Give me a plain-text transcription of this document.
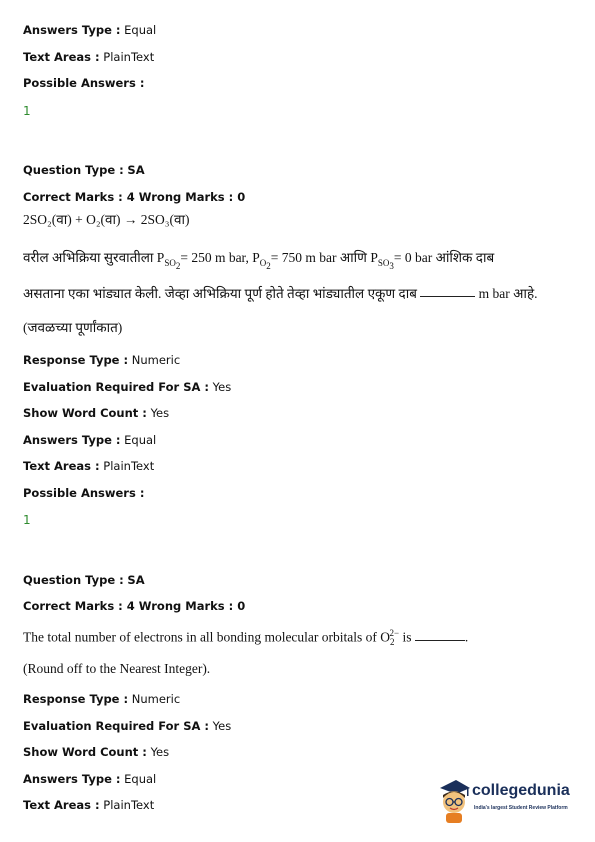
Answers Type : Equal
Text Areas : PlainText
Possible Answers :
1
Question Type : SA
Correct Marks : 4 Wrong Marks : 0
2SO₂(वा) + O₂(वा) → 2SO₃(वा)
वरील अभिक्रिया सुरवातीला $P_{SO_2}= 250$ m bar, $P_{O_2}= 750$ m bar आणि $P_{SO_3}= 0$ bar आंशिक दाब
असताना एका भांड्यात केली. जेव्हा अभिक्रिया पूर्ण होते तेव्हा भांड्यातील एकूण दाब	m bar आहे.
(जवळच्या पूर्णांकात)
Response Type : Numeric
Evaluation Required For SA : Yes
Show Word Count : Yes
Answers Type : Equal
Text Areas : PlainText
Possible Answers :
1
Question Type : SA
Correct Marks : 4 Wrong Marks : 0
The total number of electrons in all bonding molecular orbitals of $O_2^{2-}$ is	.
(Round off to the Nearest Integer).
Response Type : Numeric
Evaluation Required For SA : Yes
Show Word Count : Yes
Answers Type : Equal
Text Areas : PlainText
collegedunia
India's largest Student Review Platform
